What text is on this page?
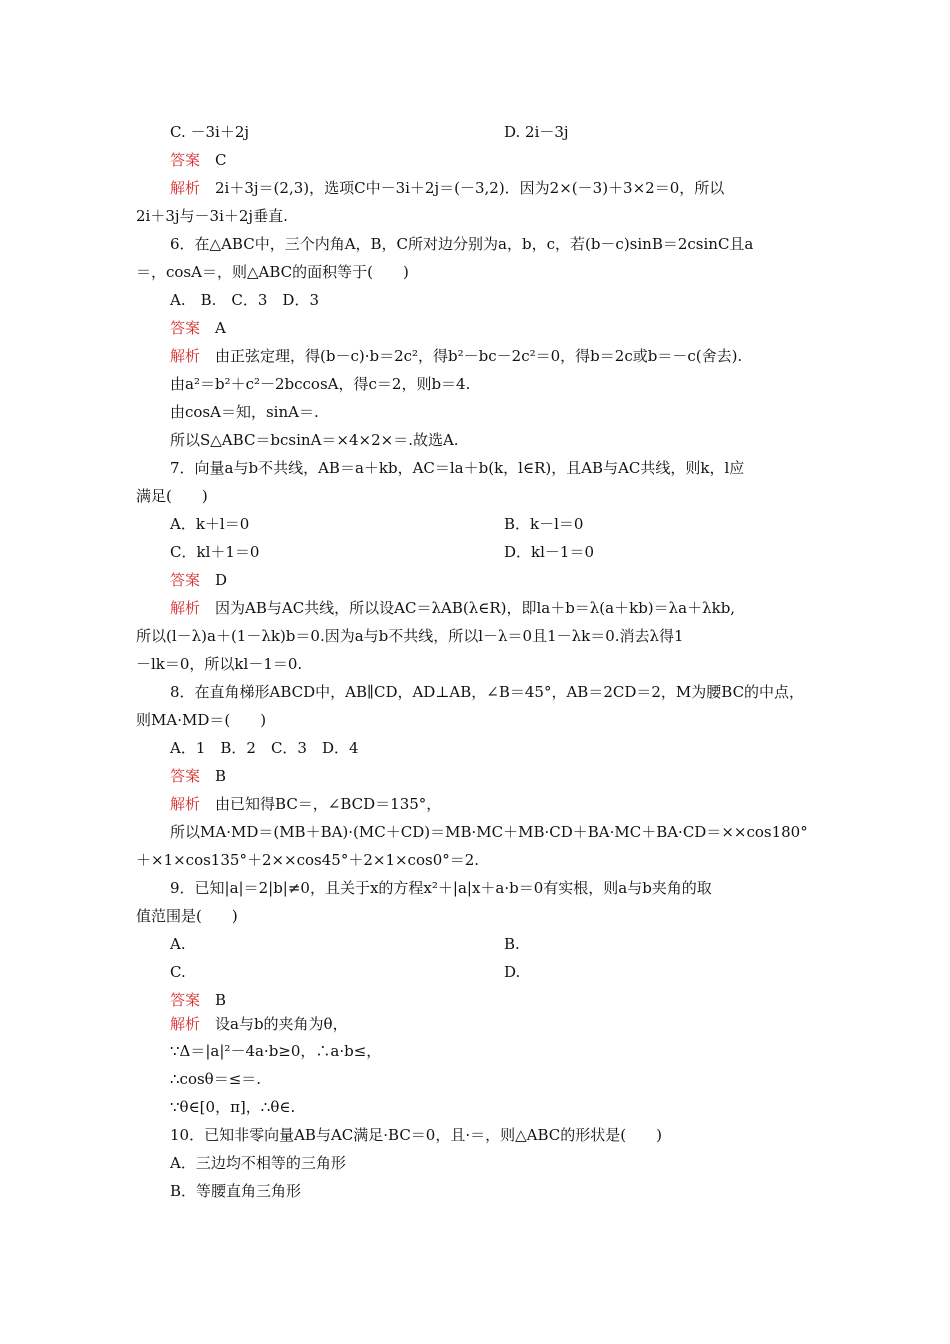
C. －3i＋2j	D. 2i－3j
答案　C
解析　2i＋3j＝(2,3)，选项C中－3i＋2j＝(－3,2)．因为2×(－3)＋3×2＝0，所以
2i＋3j与－3i＋2j垂直.
6．在△ABC中，三个内角A，B，C所对边分别为a，b，c，若(b－c)sinB＝2csinC且a
＝，cosA＝，则△ABC的面积等于(　　)
A.　B.　C．3　D．3
答案　A
解析　由正弦定理，得(b－c)·b＝2c²，得b²－bc－2c²＝0，得b＝2c或b＝－c(舍去).
由a²＝b²＋c²－2bccosA，得c＝2，则b＝4.
由cosA＝知，sinA＝.
所以S△ABC＝bcsinA＝×4×2×＝.故选A.
7．向量a与b不共线，AB＝a＋kb，AC＝la＋b(k，l∈R)，且AB与AC共线，则k，l应
满足(　　)
A．k＋l＝0	B．k－l＝0
C．kl＋1＝0	D．kl－1＝0
答案　D
解析　因为AB与AC共线，所以设AC＝λAB(λ∈R)，即la＋b＝λ(a＋kb)＝λa＋λkb,
所以(l－λ)a＋(1－λk)b＝0.因为a与b不共线，所以l－λ＝0且1－λk＝0.消去λ得1
－lk＝0，所以kl－1＝0.
8．在直角梯形ABCD中，AB∥CD，AD⊥AB，∠B＝45°，AB＝2CD＝2，M为腰BC的中点，
则MA·MD＝(　　)
A．1　B．2　C．3　D．4
答案　B
解析　由已知得BC＝，∠BCD＝135°，
所以MA·MD＝(MB＋BA)·(MC＋CD)＝MB·MC＋MB·CD＋BA·MC＋BA·CD＝××cos180°
＋×1×cos135°＋2××cos45°＋2×1×cos0°＝2.
9．已知|a|＝2|b|≠0，且关于x的方程x²＋|a|x＋a·b＝0有实根，则a与b夹角的取
值范围是(　　)
A.	B.
C.	D.
答案　B
解析　设a与b的夹角为θ，
∵Δ＝|a|²－4a·b≥0，∴a·b≤，
∴cosθ＝≤＝.
∵θ∈[0，π]，∴θ∈.
10．已知非零向量AB与AC满足·BC＝0，且·＝，则△ABC的形状是(　　)
A．三边均不相等的三角形
B．等腰直角三角形
